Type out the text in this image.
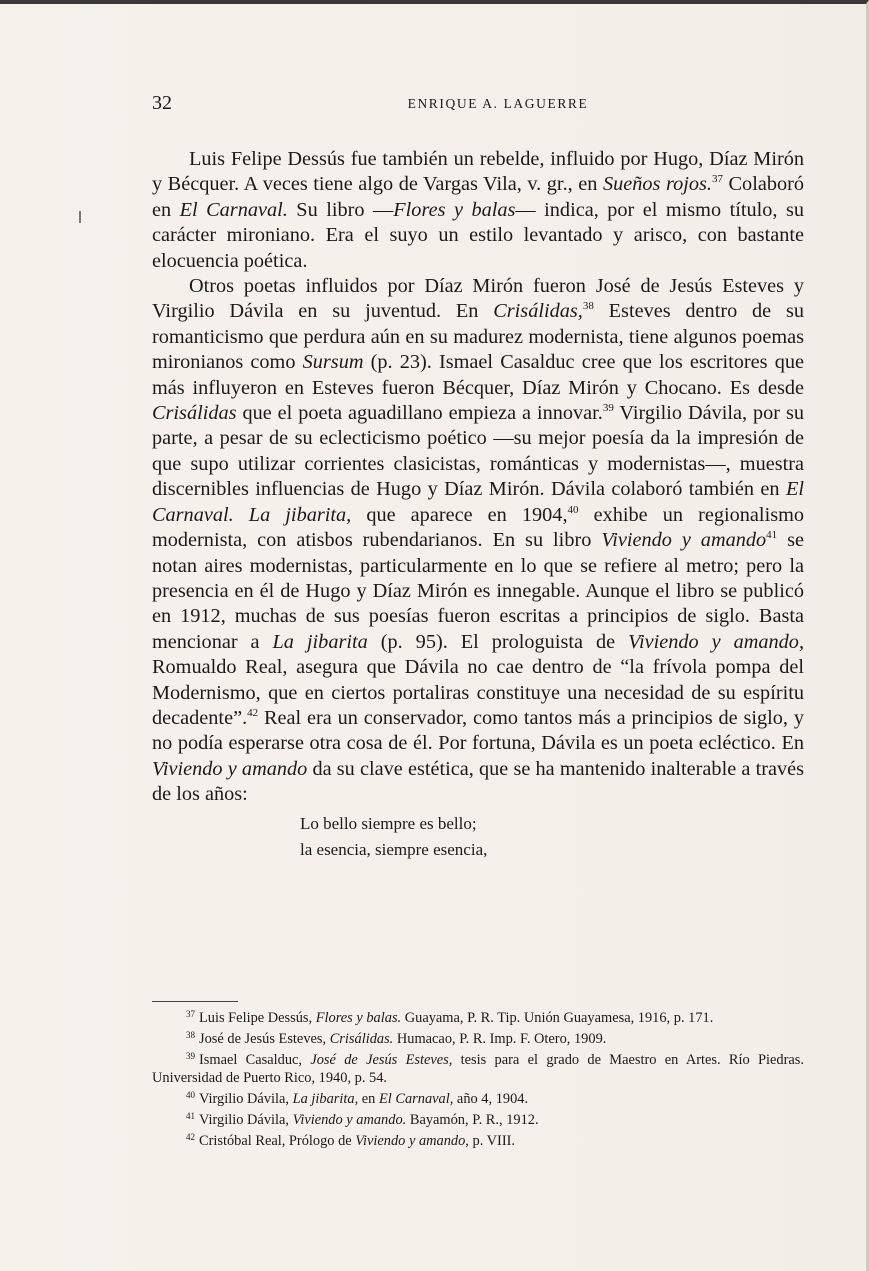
32	ENRIQUE A. LAGUERRE

Luis Felipe Dessús fue también un rebelde, influido por Hugo, Díaz Mirón y Bécquer. A veces tiene algo de Vargas Vila, v. gr., en Sueños rojos.$^{37}$ Colaboró en El Carnaval. Su libro —Flores y balas— indica, por el mismo título, su carácter mironiano. Era el suyo un estilo levantado y arisco, con bastante elocuencia poética.

Otros poetas influidos por Díaz Mirón fueron José de Jesús Esteves y Virgilio Dávila en su juventud. En Crisálidas,$^{38}$ Esteves dentro de su romanticismo que perdura aún en su madurez modernista, tiene algunos poemas mironianos como Sursum (p. 23). Ismael Casalduc cree que los escritores que más influyeron en Esteves fueron Bécquer, Díaz Mirón y Chocano. Es desde Crisálidas que el poeta aguadillano empieza a innovar.$^{39}$ Virgilio Dávila, por su parte, a pesar de su eclecticismo poético —su mejor poesía da la impresión de que supo utilizar corrientes clasicistas, románticas y modernistas—, muestra discernibles influencias de Hugo y Díaz Mirón. Dávila colaboró también en El Carnaval. La jibarita, que aparece en 1904,40 exhibe un regionalismo modernista, con atisbos rubendarianos. En su libro Viviendo y amando$^{41}$ se notan aires modernistas, particularmente en lo que se refiere al metro; pero la presencia en él de Hugo y Díaz Mirón es innegable. Aunque el libro se publicó en 1912, muchas de sus poesías fueron escritas a principios de siglo. Basta mencionar a La jibarita (p. 95). El prologuista de Viviendo y amando, Romualdo Real, asegura que Dávila no cae dentro de “la frívola pompa del Modernismo, que en ciertos portaliras constituye una necesidad de su espíritu decadente”.$^{42}$ Real era un conservador, como tantos más a principios de siglo, y no podía esperarse otra cosa de él. Por fortuna, Dávila es un poeta ecléctico. En Viviendo y amando da su clave estética, que se ha mantenido inalterable a través de los años:

Lo bello siempre es bello;
la esencia, siempre esencia,

$^{37}$ Luis Felipe Dessús, Flores y balas. Guayama, P. R. Tip. Unión Guayamesa, 1916, p. 171.

$^{38}$ José de Jesús Esteves, Crisálidas. Humacao, P. R. Imp. F. Otero, 1909.

$^{39}$ Ismael Casalduc, José de Jesús Esteves, tesis para el grado de Maestro en Artes. Río Piedras. Universidad de Puerto Rico, 1940, p. 54.

$^{40}$ Virgilio Dávila, La jibarita, en El Carnaval, año 4, 1904.

$^{41}$ Virgilio Dávila, Viviendo y amando. Bayamón, P. R., 1912.

$^{42}$ Cristóbal Real, Prólogo de Viviendo y amando, p. VIII.
